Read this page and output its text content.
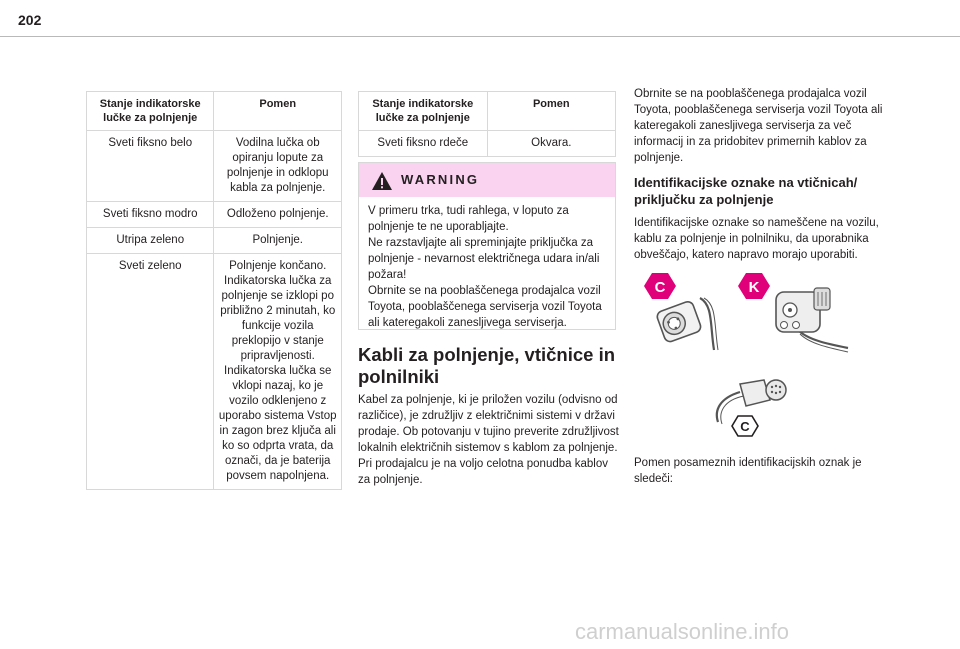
202
Stanje indikatorske lučke za polnjenje	Pomen
Sveti fiksno belo	Vodilna lučka ob opiranju lopute za polnjenje in odklopu kabla za polnjenje.
Sveti fiksno modro	Odloženo polnjenje.
Utripa zeleno	Polnjenje.
Sveti zeleno	Polnjenje končano. Indikatorska lučka za polnjenje se izklopi po približno 2 minutah, ko funkcije vozila preklopijo v stanje pripravljenosti. Indikatorska lučka se vklopi nazaj, ko je vozilo odklenjeno z uporabo sistema Vstop in zagon brez ključa ali ko so odprta vrata, da označi, da je baterija povsem napolnjena.
Stanje indikatorske lučke za polnjenje	Pomen
Sveti fiksno rdeče	Okvara.
WARNING
V primeru trka, tudi rahlega, v loputo za polnjenje te ne uporabljajte.
Ne razstavljajte ali spreminjajte priključka za polnjenje - nevarnost električnega udara in/ali požara!
Obrnite se na pooblaščenega prodajalca vozil Toyota, pooblaščenega serviserja vozil Toyota ali kateregakoli zanesljivega serviserja.
Kabli za polnjenje, vtičnice in polnilniki
Kabel za polnjenje, ki je priložen vozilu (odvisno od različice), je združljiv z električnimi sistemi v državi prodaje. Ob potovanju v tujino preverite združljivost lokalnih električnih sistemov s kablom za polnjenje.
Pri prodajalcu je na voljo celotna ponudba kablov za polnjenje.
Obrnite se na pooblaščenega prodajalca vozil Toyota, pooblaščenega serviserja vozil Toyota ali kateregakoli zanesljivega serviserja za več informacij in za pridobitev primernih kablov za polnjenje.
Identifikacijske oznake na vtičnicah/ priključku za polnjenje
Identifikacijske oznake so nameščene na vozilu, kablu za polnjenje in polnilniku, da uporabnika obveščajo, katero napravo morajo uporabiti.
C	K
C
Pomen posameznih identifikacijskih oznak je sledeči:
carmanualsonline.info
